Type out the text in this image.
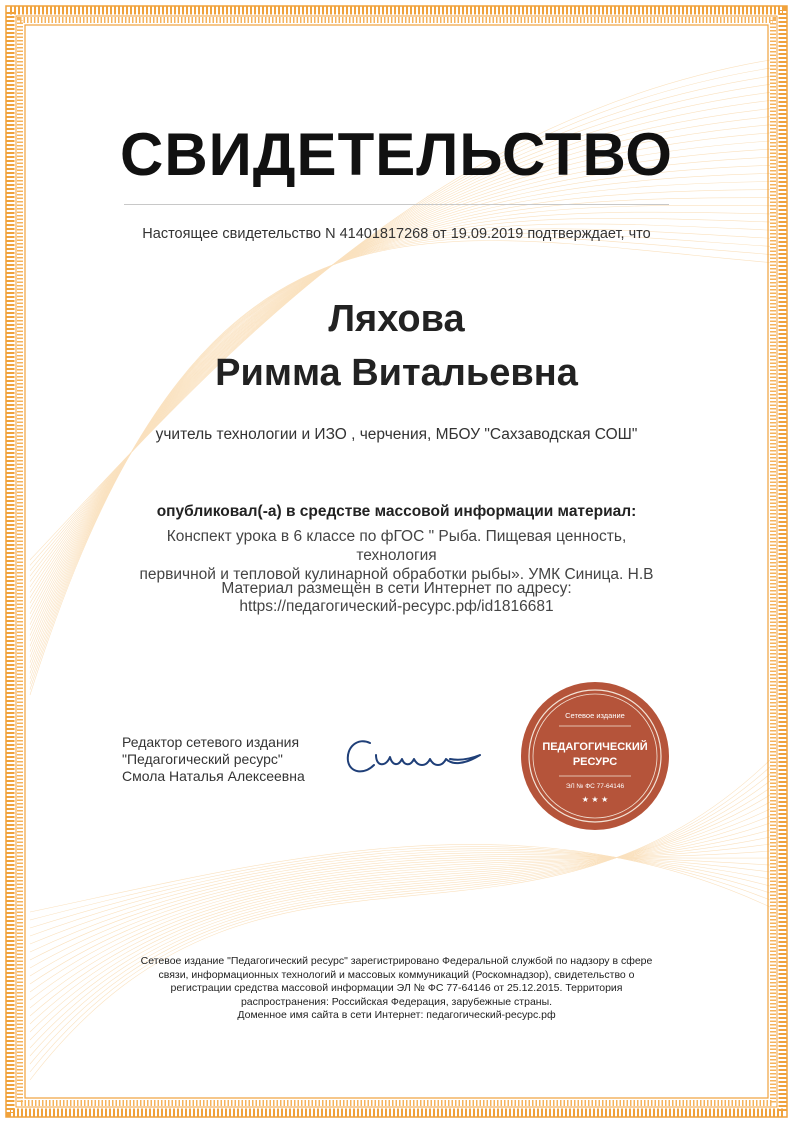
СВИДЕТЕЛЬСТВО
Настоящее свидетельство N 41401817268 от 19.09.2019 подтверждает, что
Ляхова
Римма Витальевна
учитель технологии и ИЗО , черчения, МБОУ "Сахзаводская СОШ"
опубликовал(-а) в средстве массовой информации материал:
Конспект урока в 6 классе по фГОС " Рыба. Пищевая ценность, технология
первичной и тепловой кулинарной обработки рыбы». УМК Синица. Н.В
Материал размещён в сети Интернет по адресу:
https://педагогический-ресурс.рф/id1816681
Редактор сетевого издания
"Педагогический ресурс"
Смола Наталья Алексеевна
Сетевое издание
ПЕДАГОГИЧЕСКИЙ
РЕСУРС
ЭЛ № ФС 77-64146
★ ★ ★
Сетевое издание "Педагогический ресурс" зарегистрировано Федеральной службой по надзору в сфере
связи, информационных технологий и массовых коммуникаций (Роскомнадзор), свидетельство о
регистрации средства массовой информации ЭЛ № ФС 77-64146 от 25.12.2015. Территория
распространения: Российская Федерация, зарубежные страны.
Доменное имя сайта в сети Интернет: педагогический-ресурс.рф
